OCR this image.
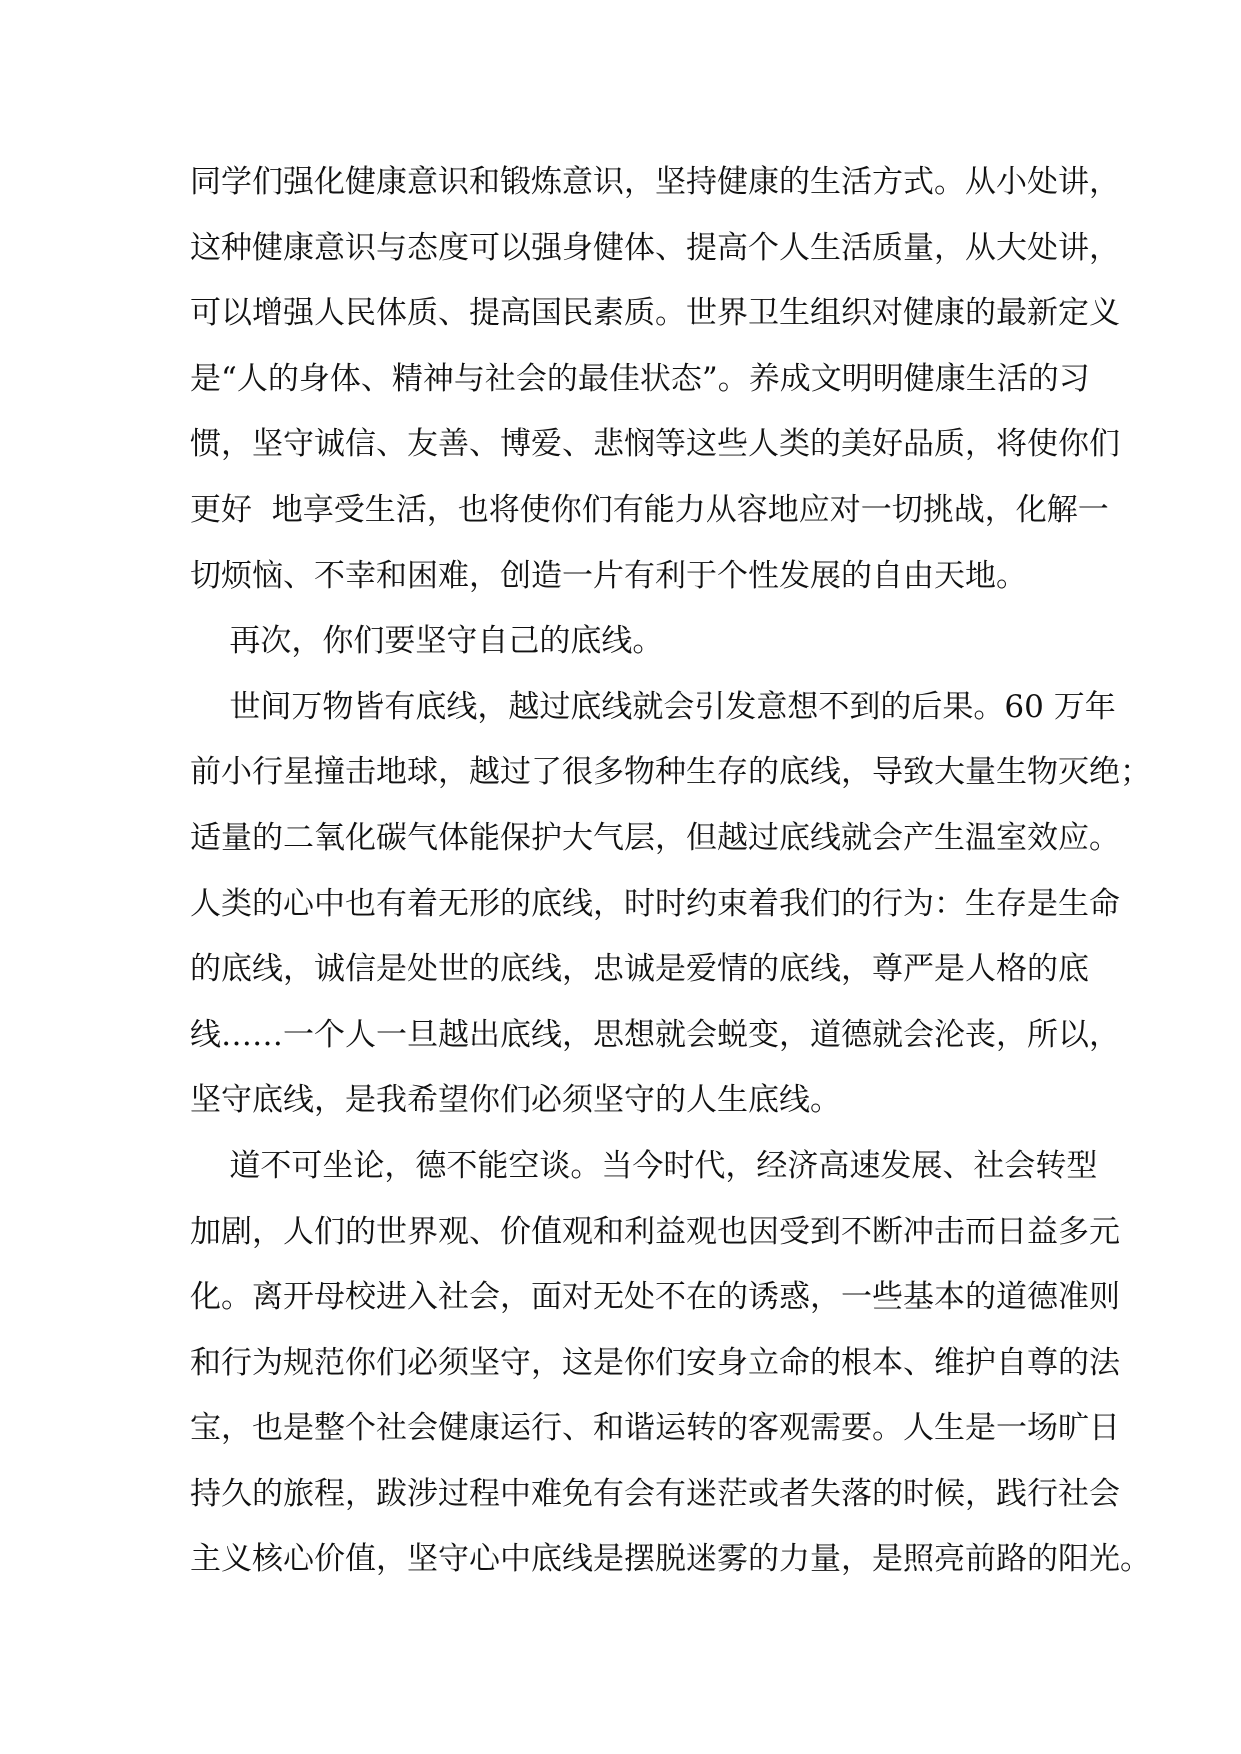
同学们强化健康意识和锻炼意识，坚持健康的生活方式。从小处讲，
这种健康意识与态度可以强身健体、提高个人生活质量，从大处讲，
可以增强人民体质、提高国民素质。世界卫生组织对健康的最新定义
是“人的身体、精神与社会的最佳状态”。养成文明明健康生活的习
惯，坚守诚信、友善、博爱、悲悯等这些人类的美好品质，将使你们
更好  地享受生活，也将使你们有能力从容地应对一切挑战，化解一
切烦恼、不幸和困难，创造一片有利于个性发展的自由天地。
再次，你们要坚守自己的底线。
世间万物皆有底线，越过底线就会引发意想不到的后果。60 万年
前小行星撞击地球，越过了很多物种生存的底线，导致大量生物灭绝；
适量的二氧化碳气体能保护大气层，但越过底线就会产生温室效应。
人类的心中也有着无形的底线，时时约束着我们的行为：生存是生命
的底线，诚信是处世的底线，忠诚是爱情的底线，尊严是人格的底
线……一个人一旦越出底线，思想就会蜕变，道德就会沦丧，所以，
坚守底线，是我希望你们必须坚守的人生底线。
道不可坐论，德不能空谈。当今时代，经济高速发展、社会转型
加剧，人们的世界观、价值观和利益观也因受到不断冲击而日益多元
化。离开母校进入社会，面对无处不在的诱惑，一些基本的道德准则
和行为规范你们必须坚守，这是你们安身立命的根本、维护自尊的法
宝，也是整个社会健康运行、和谐运转的客观需要。人生是一场旷日
持久的旅程，跋涉过程中难免有会有迷茫或者失落的时候，践行社会
主义核心价值，坚守心中底线是摆脱迷雾的力量，是照亮前路的阳光。
